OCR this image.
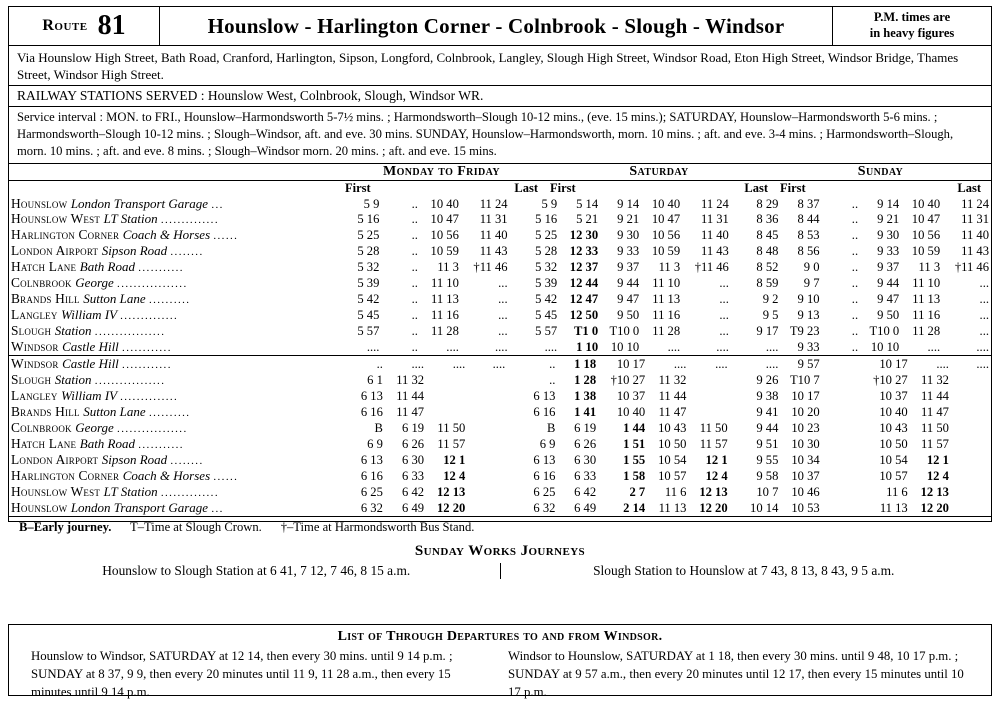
Route 81	Hounslow - Harlington Corner - Colnbrook - Slough - Windsor	P.M. times are
in heavy figures
Via Hounslow High Street, Bath Road, Cranford, Harlington, Sipson, Longford, Colnbrook, Langley, Slough High Street, Windsor Road, Eton High Street, Windsor Bridge, Thames Street, Windsor High Street.
RAILWAY STATIONS SERVED : Hounslow West, Colnbrook, Slough, Windsor WR.
Service interval : MON. to FRI., Hounslow–Harmondsworth 5-7½ mins. ; Harmondsworth–Slough 10-12 mins., (eve. 15 mins.); SATURDAY, Hounslow–Harmondsworth 5-6 mins. ; Harmondsworth–Slough 10-12 mins. ; Slough–Windsor, aft. and eve. 30 mins. SUNDAY, Hounslow–Harmondsworth, morn. 10 mins. ; aft. and eve. 3-4 mins. ; Harmondsworth–Slough, morn. 10 mins. ; aft. and eve. 8 mins. ; Slough–Windsor morn. 20 mins. ; aft. and eve. 15 mins.
Monday to Friday	Saturday	Sunday
First	Last First	Last First	Last
Hounslow London Transport Garage ...		5 9	..	10 40	11 24		5 9	5 14	9 14	10 40	11 24		8 29	8 37	..	9 14	10 40	11 24
Hounslow West LT Station ..............		5 16	..	10 47	11 31		5 16	5 21	9 21	10 47	11 31		8 36	8 44	..	9 21	10 47	11 31
Harlington Corner Coach & Horses ......		5 25	..	10 56	11 40		5 25	12 30	9 30	10 56	11 40		8 45	8 53	..	9 30	10 56	11 40
London Airport Sipson Road ........		5 28	..	10 59	11 43		5 28	12 33	9 33	10 59	11 43		8 48	8 56	..	9 33	10 59	11 43
Hatch Lane Bath Road ...........		5 32	..	11 3	†11 46		5 32	12 37	9 37	11 3	†11 46		8 52	9 0	..	9 37	11 3	†11 46
Colnbrook George .................		5 39	..	11 10	...		5 39	12 44	9 44	11 10	...		8 59	9 7	..	9 44	11 10	...
Brands Hill Sutton Lane ..........		5 42	..	11 13	...		5 42	12 47	9 47	11 13	...		9 2	9 10	..	9 47	11 13	...
Langley William IV ..............		5 45	..	11 16	...		5 45	12 50	9 50	11 16	...		9 5	9 13	..	9 50	11 16	...
Slough Station .................		5 57	..	11 28	...		5 57	T1 0	T10 0	11 28	...		9 17	T9 23	..	T10 0	11 28	...
Windsor Castle Hill ............		....	..	....	....		....	1 10	10 10	....	....		....	9 33	..	10 10	....	....
Windsor Castle Hill ............		..	....	....	....		..	1 18	10 17	....	....		....	9 57		10 17	....	....
Slough Station .................		6 1	11 32				..	1 28	†10 27	11 32			9 26	T10 7		†10 27	11 32	
Langley William IV ..............		6 13	11 44				6 13	1 38	10 37	11 44			9 38	10 17		10 37	11 44	
Brands Hill Sutton Lane ..........		6 16	11 47				6 16	1 41	10 40	11 47			9 41	10 20		10 40	11 47	
Colnbrook George .................		B	6 19	11 50			B	6 19	1 44	10 43	11 50		9 44	10 23		10 43	11 50	
Hatch Lane Bath Road ...........		6 9	6 26	11 57			6 9	6 26	1 51	10 50	11 57		9 51	10 30		10 50	11 57	
London Airport Sipson Road ........		6 13	6 30	12 1			6 13	6 30	1 55	10 54	12 1		9 55	10 34		10 54	12 1	
Harlington Corner Coach & Horses ......		6 16	6 33	12 4			6 16	6 33	1 58	10 57	12 4		9 58	10 37		10 57	12 4	
Hounslow West LT Station ..............		6 25	6 42	12 13			6 25	6 42	2 7	11 6	12 13		10 7	10 46		11 6	12 13	
Hounslow London Transport Garage ...		6 32	6 49	12 20			6 32	6 49	2 14	11 13	12 20		10 14	10 53		11 13	12 20	
B–Early journey. T–Time at Slough Crown. †–Time at Harmondsworth Bus Stand.
Sunday Works Journeys
Hounslow to Slough Station at 6 41, 7 12, 7 46, 8 15 a.m.	Slough Station to Hounslow at 7 43, 8 13, 8 43, 9 5 a.m.
List of Through Departures to and from Windsor.
Hounslow to Windsor, SATURDAY at 12 14, then every 30 mins. until 9 14 p.m. ; SUNDAY at 8 37, 9 9, then every 20 minutes until 11 9, 11 28 a.m., then every 15 minutes until 9 14 p.m.
Windsor to Hounslow, SATURDAY at 1 18, then every 30 mins. until 9 48, 10 17 p.m. ; SUNDAY at 9 57 a.m., then every 20 minutes until 12 17, then every 15 minutes until 10 17 p.m.
